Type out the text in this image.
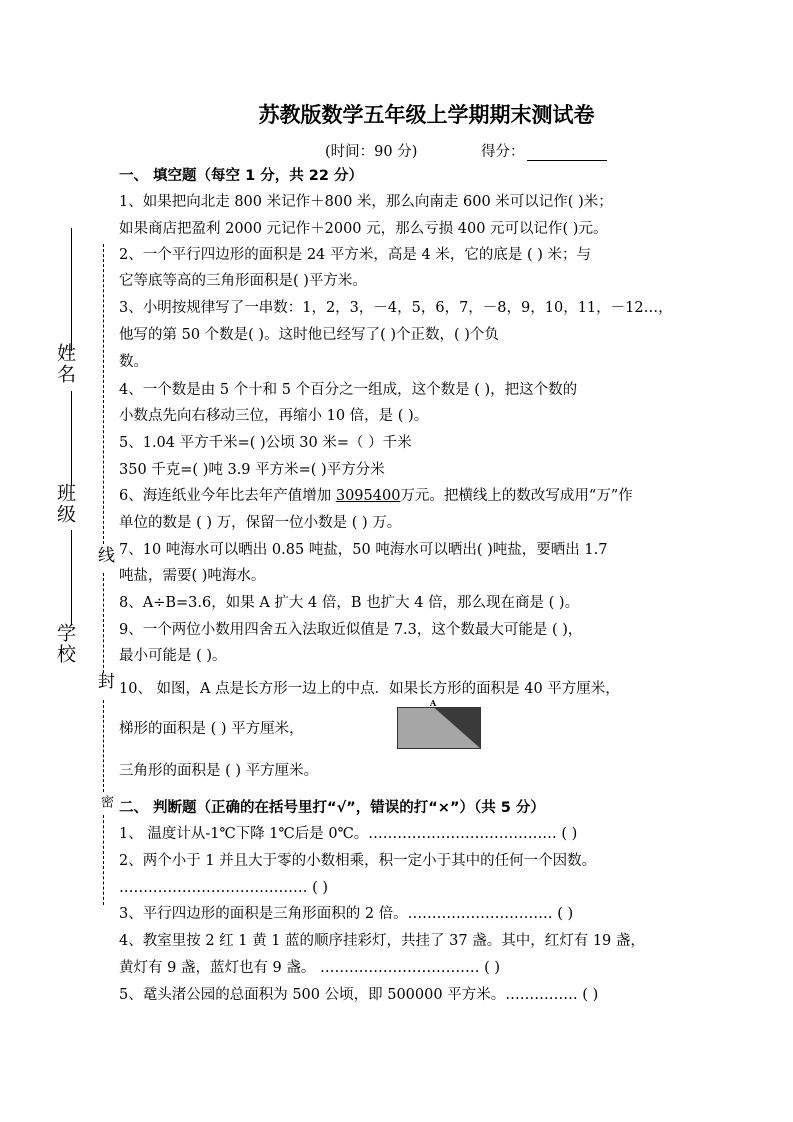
苏教版数学五年级上学期期末测试卷
(时间：90 分)	得分：
姓名
班级
学校
线
封
密
一、 填空题（每空 1 分，共 22 分）
1、如果把向北走 800 米记作＋800 米，那么向南走 600 米可以记作( )米；
如果商店把盈利 2000 元记作＋2000 元，那么亏损 400 元可以记作( )元。
2、一个平行四边形的面积是 24 平方米，高是 4 米，它的底是 ( ) 米；与
它等底等高的三角形面积是( )平方米。
3、小明按规律写了一串数：1，2，3，－4，5，6，7，－8，9，10，11，－12…，
他写的第 50 个数是( )。这时他已经写了( )个正数，( )个负
数。
4、一个数是由 5 个十和 5 个百分之一组成，这个数是 ( )，把这个数的
小数点先向右移动三位，再缩小 10 倍，是 ( )。
5、1.04 平方千米=( )公顷 30 米=（ ）千米
350 千克=( )吨 3.9 平方米=( )平方分米
6、海连纸业今年比去年产值增加 3095400万元。把横线上的数改写成用“万”作
单位的数是 ( ) 万，保留一位小数是 ( ) 万。
7、10 吨海水可以晒出 0.85 吨盐，50 吨海水可以晒出( )吨盐，要晒出 1.7
吨盐，需要( )吨海水。
8、A÷B=3.6，如果 A 扩大 4 倍，B 也扩大 4 倍，那么现在商是 ( )。
9、一个两位小数用四舍五入法取近似值是 7.3，这个数最大可能是 ( )，
最小可能是 ( )。
10、 如图，A 点是长方形一边上的中点．如果长方形的面积是 40 平方厘米，
梯形的面积是 ( ) 平方厘米，
A
三角形的面积是 ( ) 平方厘米。
二、 判断题（正确的在括号里打“√”，错误的打“×”）（共 5 分）
1、 温度计从-1℃下降 1℃后是 0℃。………………………………… ( )
2、两个小于 1 并且大于零的小数相乘，积一定小于其中的任何一个因数。
………………………………… ( )
3、平行四边形的面积是三角形面积的 2 倍。………………………… ( )
4、教室里按 2 红 1 黄 1 蓝的顺序挂彩灯，共挂了 37 盏。其中，红灯有 19 盏，
黄灯有 9 盏，蓝灯也有 9 盏。 …………………………… ( )
5、鼋头渚公园的总面积为 500 公顷，即 500000 平方米。…………… ( )
